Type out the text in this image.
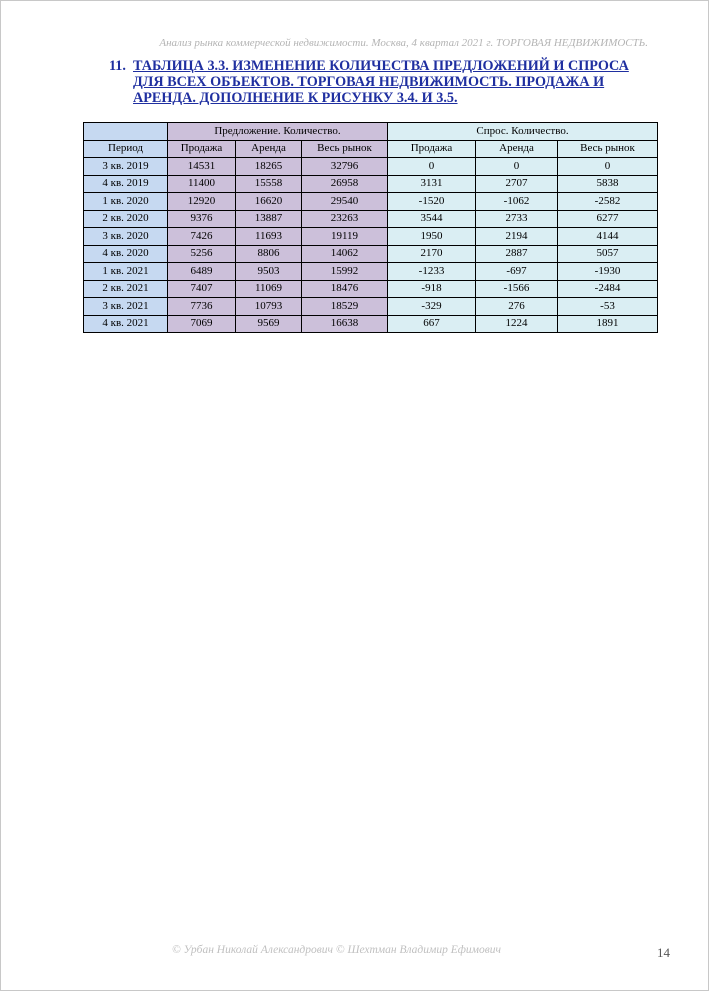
Анализ рынка коммерческой недвижимости. Москва, 4 квартал 2021 г. ТОРГОВАЯ НЕДВИЖИМОСТЬ.
11. ТАБЛИЦА 3.3. ИЗМЕНЕНИЕ КОЛИЧЕСТВА ПРЕДЛОЖЕНИЙ И СПРОСА ДЛЯ ВСЕХ ОБЪЕКТОВ. ТОРГОВАЯ НЕДВИЖИМОСТЬ. ПРОДАЖА И АРЕНДА. ДОПОЛНЕНИЕ К РИСУНКУ 3.4. И 3.5.
	Предложение. Количество.			Спрос. Количество.		
Период	Продажа	Аренда	Весь рынок	Продажа	Аренда	Весь рынок
3 кв. 2019	14531	18265	32796	0	0	0
4 кв. 2019	11400	15558	26958	3131	2707	5838
1 кв. 2020	12920	16620	29540	-1520	-1062	-2582
2 кв. 2020	9376	13887	23263	3544	2733	6277
3 кв. 2020	7426	11693	19119	1950	2194	4144
4 кв. 2020	5256	8806	14062	2170	2887	5057
1 кв. 2021	6489	9503	15992	-1233	-697	-1930
2 кв. 2021	7407	11069	18476	-918	-1566	-2484
3 кв. 2021	7736	10793	18529	-329	276	-53
4 кв. 2021	7069	9569	16638	667	1224	1891
© Урбан Николай Александрович © Шехтман Владимир Ефимович	14
